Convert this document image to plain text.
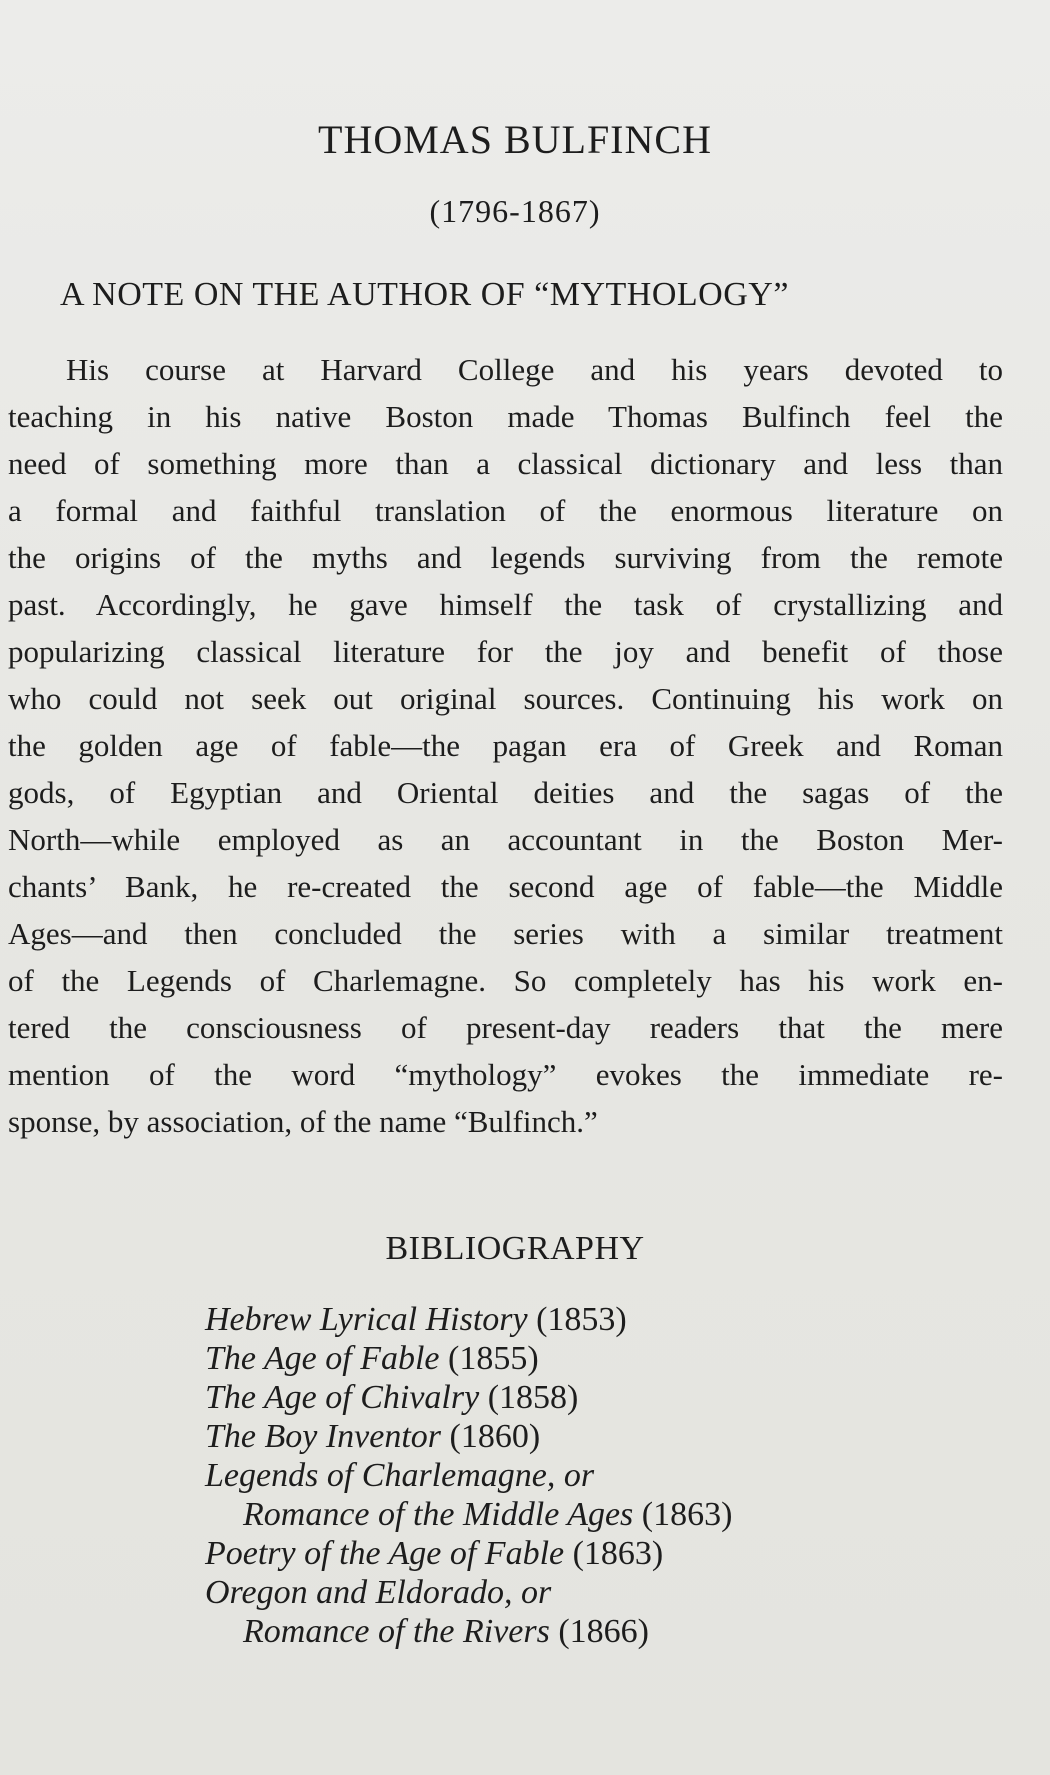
THOMAS BULFINCH

(1796-1867)

A NOTE ON THE AUTHOR OF “MYTHOLOGY”

His course at Harvard College and his years devoted to
teaching in his native Boston made Thomas Bulfinch feel the
need of something more than a classical dictionary and less than
a formal and faithful translation of the enormous literature on
the origins of the myths and legends surviving from the remote
past. Accordingly, he gave himself the task of crystallizing and
popularizing classical literature for the joy and benefit of those
who could not seek out original sources. Continuing his work on
the golden age of fable—the pagan era of Greek and Roman
gods, of Egyptian and Oriental deities and the sagas of the
North—while employed as an accountant in the Boston Mer-
chants’ Bank, he re-created the second age of fable—the Middle
Ages—and then concluded the series with a similar treatment
of the Legends of Charlemagne. So completely has his work en-
tered the consciousness of present-day readers that the mere
mention of the word “mythology” evokes the immediate re-
sponse, by association, of the name “Bulfinch.”

BIBLIOGRAPHY
Hebrew Lyrical History (1853)
The Age of Fable (1855)
The Age of Chivalry (1858)
The Boy Inventor (1860)
Legends of Charlemagne, or
Romance of the Middle Ages (1863)
Poetry of the Age of Fable (1863)
Oregon and Eldorado, or
Romance of the Rivers (1866)
